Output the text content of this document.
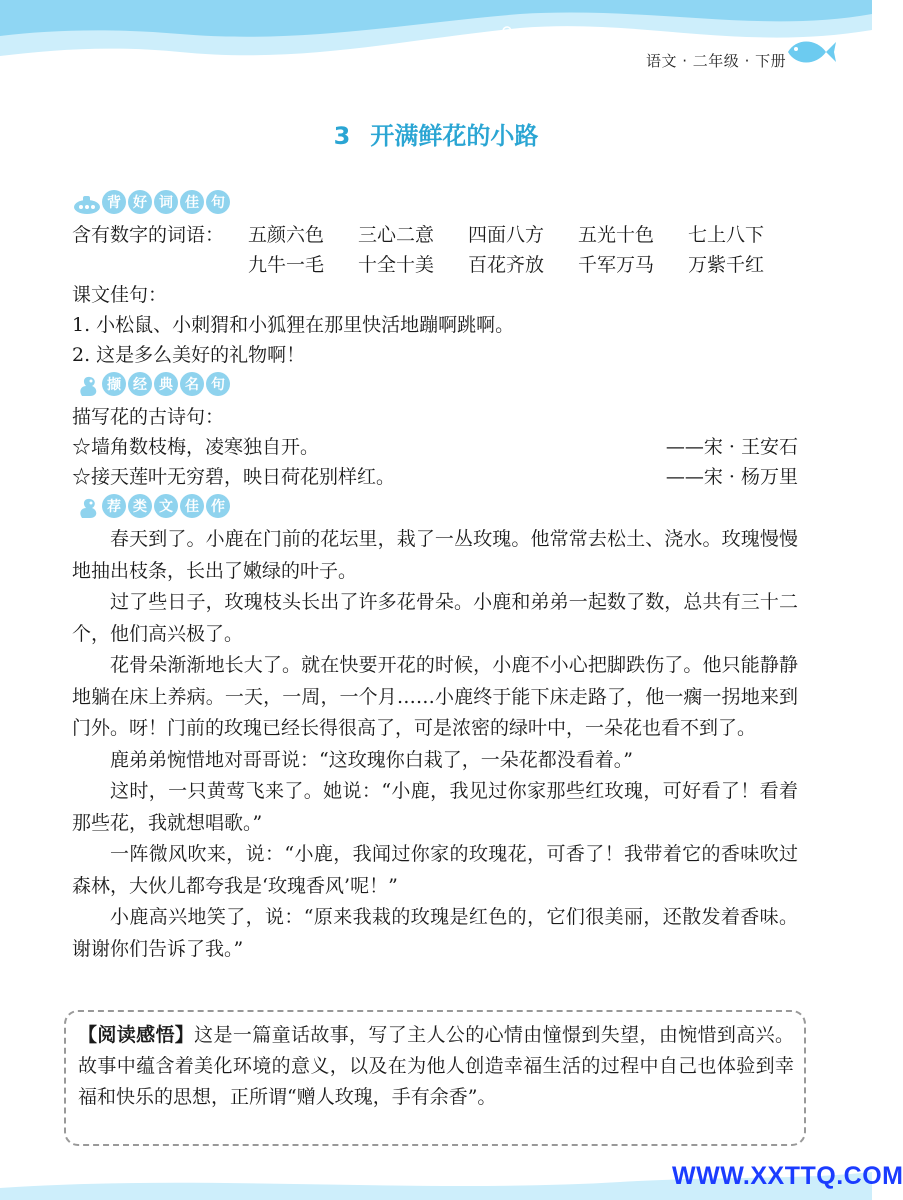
语文 · 二年级 · 下册
3 开满鲜花的小路
背 好 词 佳 句
含有数字的词语：	五颜六色	三心二意	四面八方	五光十色	七上八下
九牛一毛	十全十美	百花齐放	千军万马	万紫千红
课文佳句：
1. 小松鼠、小刺猬和小狐狸在那里快活地蹦啊跳啊。
2. 这是多么美好的礼物啊！
撷 经 典 名 句
描写花的古诗句：
☆墙角数枝梅，凌寒独自开。	——宋 · 王安石
☆接天莲叶无穷碧，映日荷花别样红。	——宋 · 杨万里
荐 类 文 佳 作

春天到了。小鹿在门前的花坛里，栽了一丛玫瑰。他常常去松土、浇水。玫瑰慢慢地抽出枝条，长出了嫩绿的叶子。

过了些日子，玫瑰枝头长出了许多花骨朵。小鹿和弟弟一起数了数，总共有三十二个，他们高兴极了。

花骨朵渐渐地长大了。就在快要开花的时候，小鹿不小心把脚跌伤了。他只能静静地躺在床上养病。一天，一周，一个月……小鹿终于能下床走路了，他一瘸一拐地来到门外。呀！门前的玫瑰已经长得很高了，可是浓密的绿叶中，一朵花也看不到了。

鹿弟弟惋惜地对哥哥说：“这玫瑰你白栽了，一朵花都没看着。”

这时，一只黄莺飞来了。她说：“小鹿，我见过你家那些红玫瑰，可好看了！看着那些花，我就想唱歌。”

一阵微风吹来，说：“小鹿，我闻过你家的玫瑰花，可香了！我带着它的香味吹过森林，大伙儿都夸我是‘玫瑰香风’呢！”

小鹿高兴地笑了，说：“原来我栽的玫瑰是红色的，它们很美丽，还散发着香味。谢谢你们告诉了我。”

【阅读感悟】这是一篇童话故事，写了主人公的心情由憧憬到失望，由惋惜到高兴。故事中蕴含着美化环境的意义，以及在为他人创造幸福生活的过程中自己也体验到幸福和快乐的思想，正所谓“赠人玫瑰，手有余香”。

WWW.XXTTQ.COM
